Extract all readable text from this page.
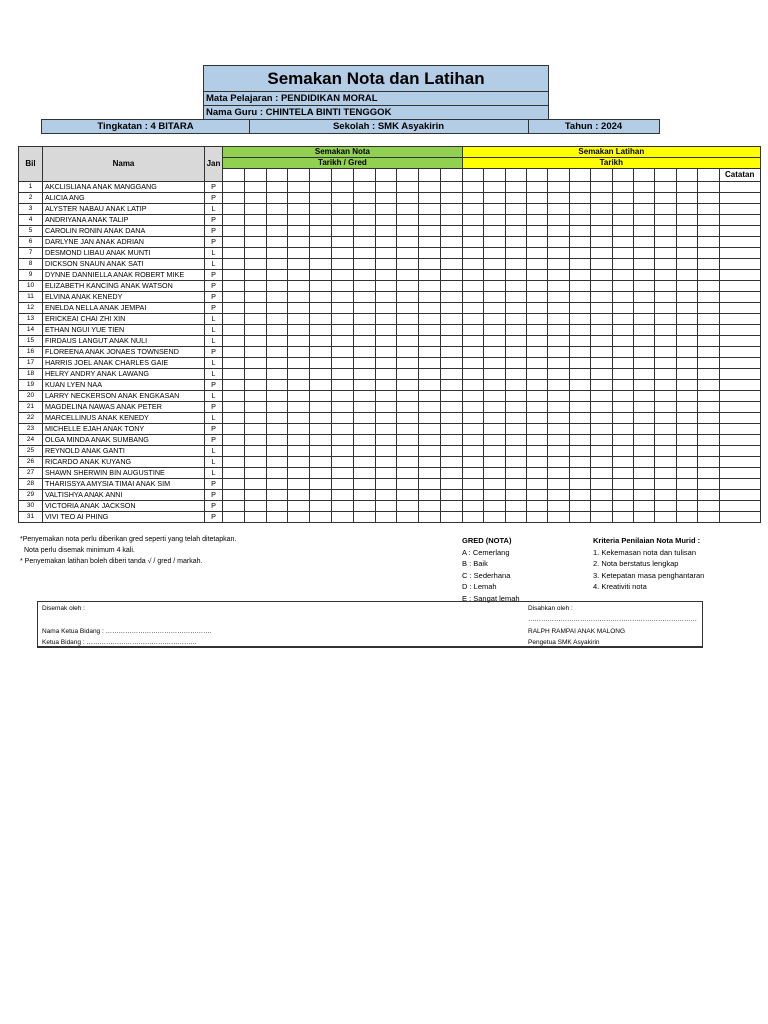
Semakan Nota dan Latihan
Mata Pelajaran : PENDIDIKAN MORAL
Nama Guru : CHINTELA BINTI TENGGOK
Tingkatan : 4 BITARA	Sekolah : SMK Asyakirin	Tahun : 2024
Bil	Nama	Jan	Semakan Nota											Semakan Latihan												
			Tarikh / Gred											Tarikh												
																										Catatan
1	AKCLISLIANA ANAK MANGGANG	P																								
2	ALICIA ANG	P																								
3	ALYSTER NABAU ANAK LATIP	L																								
4	ANDRIYANA ANAK TALIP	P																								
5	CAROLIN RONIN ANAK DANA	P																								
6	DARLYNE JAN ANAK ADRIAN	P																								
7	DESMOND LIBAU ANAK MUNTI	L																								
8	DICKSON SNAUN ANAK SATI	L																								
9	DYNNE DANNIELLA ANAK ROBERT MIKE	P																								
10	ELIZABETH KANCING ANAK WATSON	P																								
11	ELVINA ANAK KENEDY	P																								
12	ENELDA NELLA ANAK JEMPAI	P																								
13	ERICKEAI CHAI ZHI XIN	L																								
14	ETHAN NGUI YUE TIEN	L																								
15	FIRDAUS LANGUT ANAK NULI	L																								
16	FLOREENA ANAK JONAES TOWNSEND	P																								
17	HARRIS JOEL ANAK CHARLES GAIE	L																								
18	HELRY ANDRY ANAK LAWANG	L																								
19	KUAN LYEN NAA	P																								
20	LARRY NECKERSON ANAK ENGKASAN	L																								
21	MAGDELINA NAWAS ANAK PETER	P																								
22	MARCELLINUS ANAK KENEDY	L																								
23	MICHELLE EJAH ANAK TONY	P																								
24	OLGA MINDA ANAK SUMBANG	P																								
25	REYNOLD ANAK GANTI	L																								
26	RICARDO ANAK KUYANG	L																								
27	SHAWN SHERWIN BIN AUGUSTINE	L																								
28	THARISSYA AMYSIA TIMAI ANAK SIM	P																								
29	VALTISHYA ANAK ANNI	P																								
30	VICTORIA ANAK JACKSON	P																								
31	VIVI TEO AI PHING	P																								
*Penyemakan nota perlu diberikan gred seperti yang telah ditetapkan.
Nota perlu disemak minimum 4 kali.
* Penyemakan latihan boleh diberi tanda √ / gred / markah.
GRED (NOTA)
A : Cemerlang
B : Baik
C : Sederhana
D : Lemah
E : Sangat lemah
Kriteria Penilaian Nota Murid :
1. Kekemasan nota dan tulisan
2. Nota berstatus lengkap
3. Ketepatan masa penghantaran
4. Kreativiti nota
Disemak oleh :
Nama Ketua Bidang : ………………………………………….
Ketua Bidang : ……………………………………………
Disahkan oleh :
……………………………………………………………………
RALPH RAMPAI ANAK MALONG
Pengetua SMK Asyakirin
